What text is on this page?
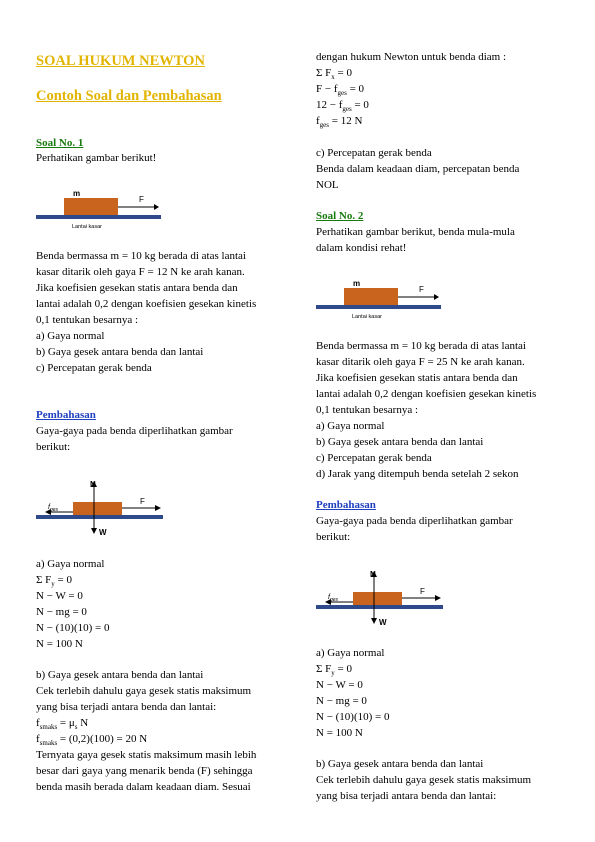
SOAL HUKUM NEWTON
Contoh Soal dan Pembahasan
Soal No. 1
Perhatikan gambar berikut!
m
F
Lantai kasar
Benda bermassa m = 10 kg berada di atas lantai
kasar ditarik oleh gaya F = 12 N ke arah kanan.
Jika koefisien gesekan statis antara benda dan
lantai adalah 0,2 dengan koefisien gesekan kinetis
0,1 tentukan besarnya :
a) Gaya normal
b) Gaya gesek antara benda dan lantai
c) Percepatan gerak benda
Pembahasan
Gaya-gaya pada benda diperlihatkan gambar
berikut:
N
W
F
$f_{ges}$
a) Gaya normal
Σ $F_y = 0$
N − W = 0
N − mg = 0
N − (10)(10) = 0
N = 100 N
b) Gaya gesek antara benda dan lantai
Cek terlebih dahulu gaya gesek statis maksimum
yang bisa terjadi antara benda dan lantai:
$f_{smaks} = \mu_s$ N
$f_{smaks} = (0,2)(100) = 20$ N
Ternyata gaya gesek statis maksimum masih lebih
besar dari gaya yang menarik benda (F) sehingga
benda masih berada dalam keadaan diam. Sesuai
dengan hukum Newton untuk benda diam :
Σ $F_x = 0$
$F - f_{ges} = 0$
$12 - f_{ges} = 0$
$f_{ges} = 12$ N
c) Percepatan gerak benda
Benda dalam keadaan diam, percepatan benda
NOL
Soal No. 2
Perhatikan gambar berikut, benda mula-mula
dalam kondisi rehat!
m
F
Lantai kasar
Benda bermassa m = 10 kg berada di atas lantai
kasar ditarik oleh gaya F = 25 N ke arah kanan.
Jika koefisien gesekan statis antara benda dan
lantai adalah 0,2 dengan koefisien gesekan kinetis
0,1 tentukan besarnya :
a) Gaya normal
b) Gaya gesek antara benda dan lantai
c) Percepatan gerak benda
d) Jarak yang ditempuh benda setelah 2 sekon
Pembahasan
Gaya-gaya pada benda diperlihatkan gambar
berikut:
N
W
F
$f_{ges}$
a) Gaya normal
Σ $F_y = 0$
N − W = 0
N − mg = 0
N − (10)(10) = 0
N = 100 N
b) Gaya gesek antara benda dan lantai
Cek terlebih dahulu gaya gesek statis maksimum
yang bisa terjadi antara benda dan lantai:
